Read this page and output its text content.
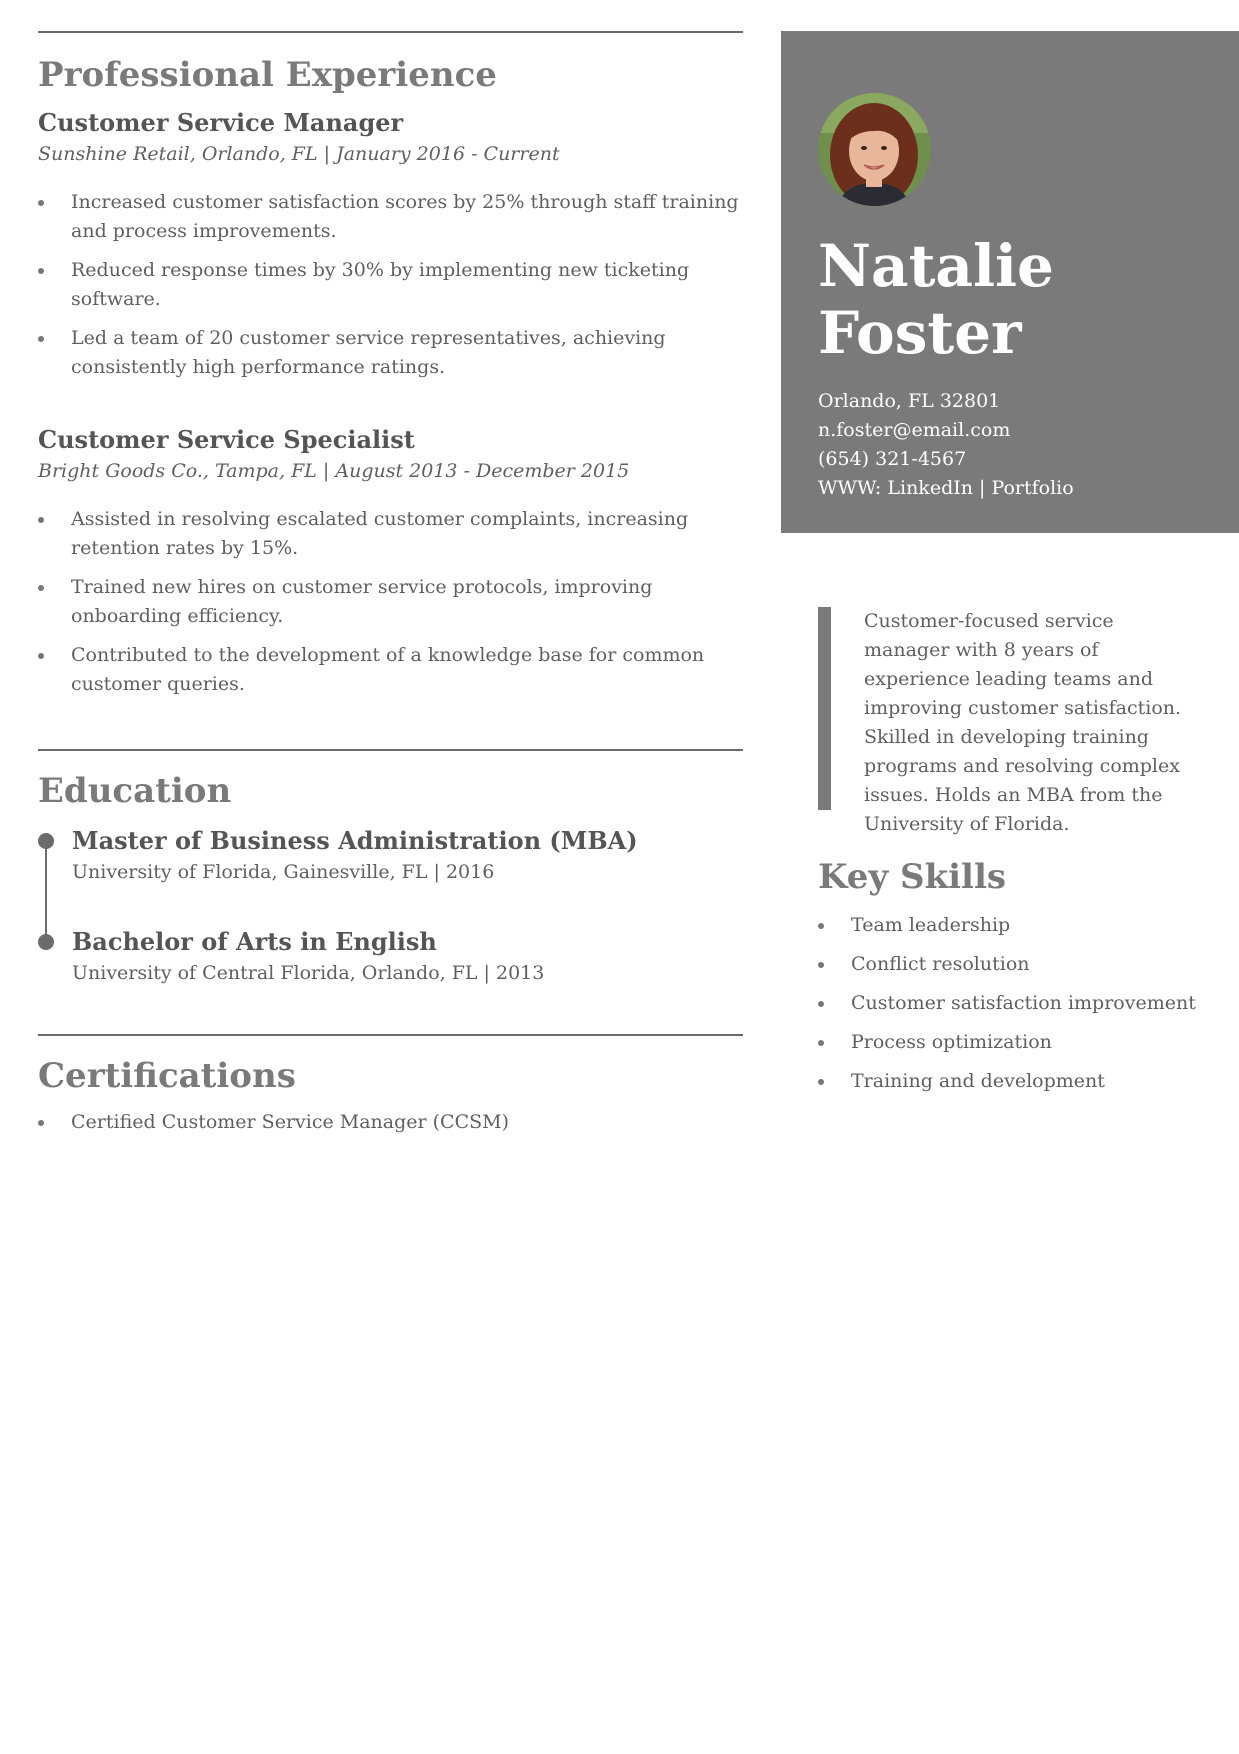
Professional Experience
Customer Service Manager
Sunshine Retail, Orlando, FL | January 2016 - Current
Increased customer satisfaction scores by 25% through staff training and process improvements.
Reduced response times by 30% by implementing new ticketing software.
Led a team of 20 customer service representatives, achieving consistently high performance ratings.
Customer Service Specialist
Bright Goods Co., Tampa, FL | August 2013 - December 2015
Assisted in resolving escalated customer complaints, increasing retention rates by 15%.
Trained new hires on customer service protocols, improving onboarding efficiency.
Contributed to the development of a knowledge base for common customer queries.
Education
Master of Business Administration (MBA)
University of Florida, Gainesville, FL | 2016
Bachelor of Arts in English
University of Central Florida, Orlando, FL | 2013
Certifications
Certified Customer Service Manager (CCSM)
Natalie
Foster
Orlando, FL 32801
n.foster@email.com
(654) 321-4567
WWW: LinkedIn | Portfolio
Customer-focused service manager with 8 years of experience leading teams and improving customer satisfaction. Skilled in developing training programs and resolving complex issues. Holds an MBA from the University of Florida.
Key Skills
Team leadership
Conflict resolution
Customer satisfaction improvement
Process optimization
Training and development
